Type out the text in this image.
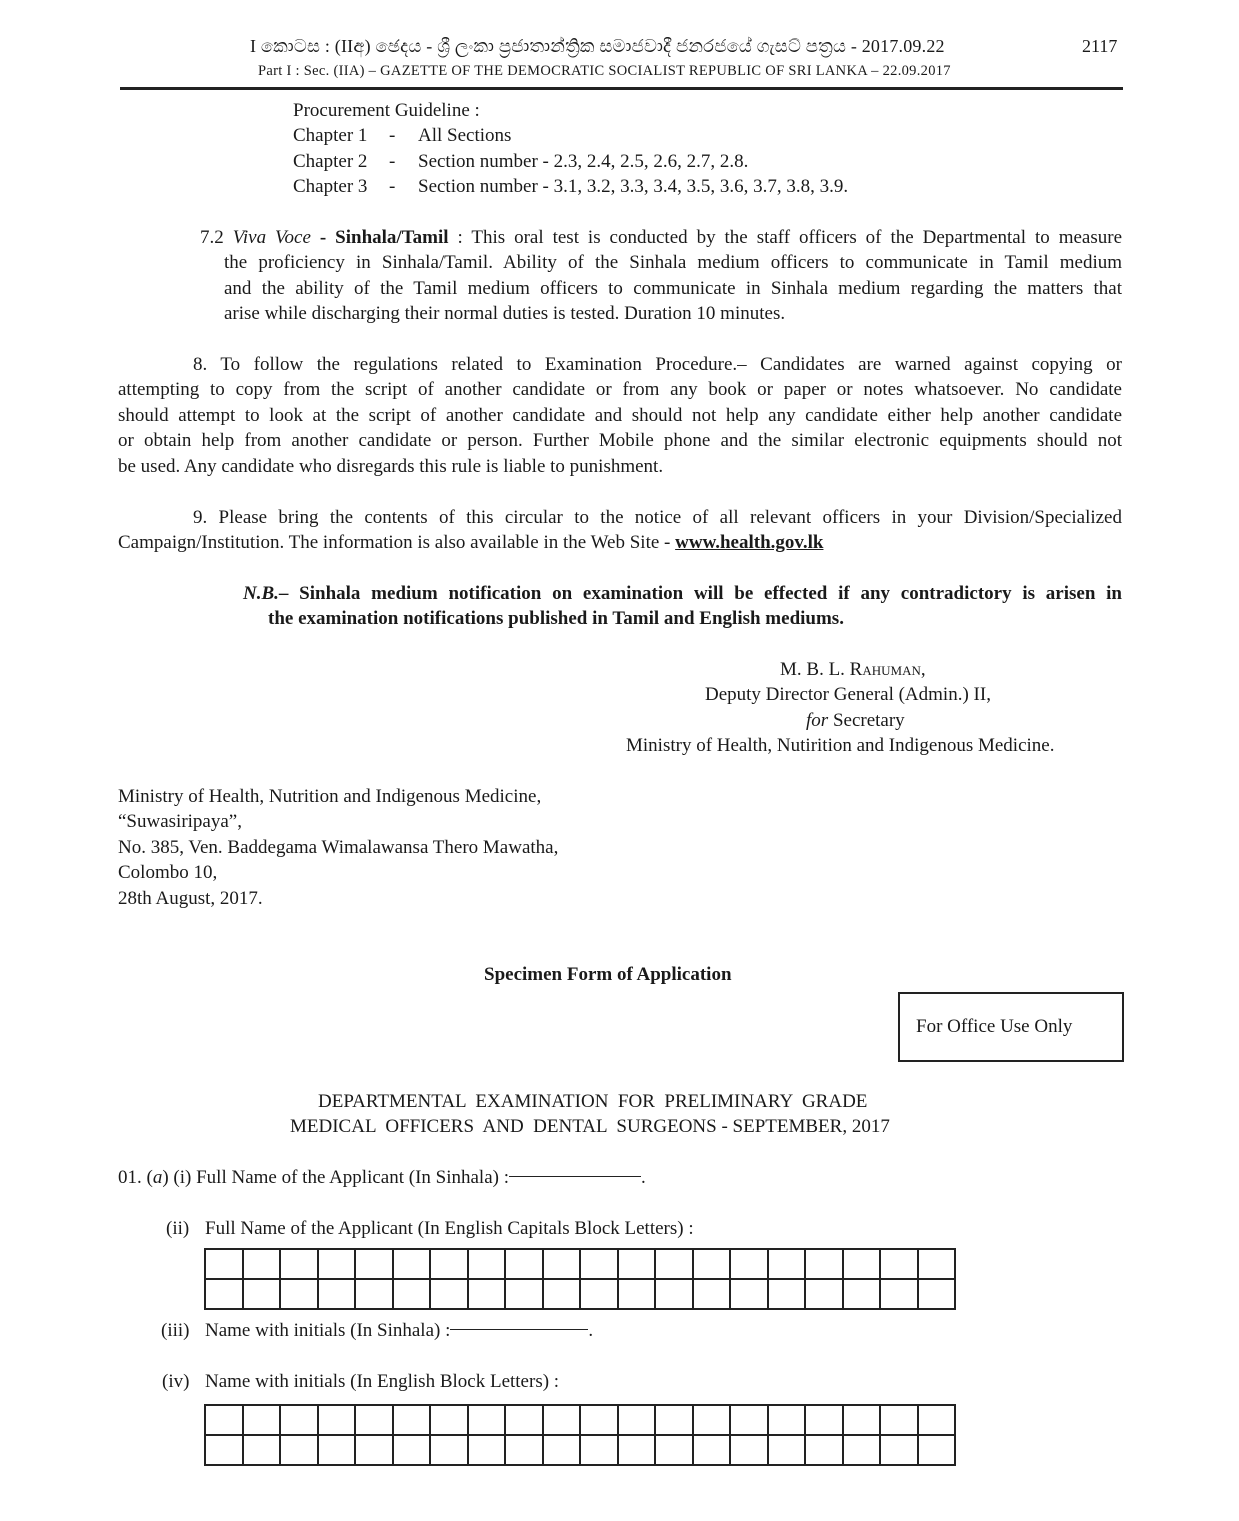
I කොටස : (IIඅ) ඡෙදය - ශ්‍රී ලංකා ප්‍රජාතාන්ත්‍රික සමාජවාදී ජනරජයේ ගැසට් පත්‍රය - 2017.09.22	2117
Part I : Sec. (IIA) – GAZETTE OF THE DEMOCRATIC SOCIALIST REPUBLIC OF SRI LANKA – 22.09.2017
Procurement Guideline :
Chapter 1 - All Sections
Chapter 2 - Section number - 2.3, 2.4, 2.5, 2.6, 2.7, 2.8.
Chapter 3 - Section number - 3.1, 3.2, 3.3, 3.4, 3.5, 3.6, 3.7, 3.8, 3.9.
7.2 Viva Voce - Sinhala/Tamil : This oral test is conducted by the staff officers of the Departmental to measure
the proficiency in Sinhala/Tamil. Ability of the Sinhala medium officers to communicate in Tamil medium
and the ability of the Tamil medium officers to communicate in Sinhala medium regarding the matters that
arise while discharging their normal duties is tested. Duration 10 minutes.
8. To follow the regulations related to Examination Procedure.– Candidates are warned against copying or
attempting to copy from the script of another candidate or from any book or paper or notes whatsoever. No candidate
should attempt to look at the script of another candidate and should not help any candidate either help another candidate
or obtain help from another candidate or person. Further Mobile phone and the similar electronic equipments should not
be used. Any candidate who disregards this rule is liable to punishment.
9. Please bring the contents of this circular to the notice of all relevant officers in your Division/Specialized
Campaign/Institution. The information is also available in the Web Site - www.health.gov.lk
N.B.– Sinhala medium notification on examination will be effected if any contradictory is arisen in
the examination notifications published in Tamil and English mediums.
M. B. L. Rahuman,
Deputy Director General (Admin.) II,
for Secretary
Ministry of Health, Nutirition and Indigenous Medicine.
Ministry of Health, Nutrition and Indigenous Medicine,
“Suwasiripaya”,
No. 385, Ven. Baddegama Wimalawansa Thero Mawatha,
Colombo 10,
28th August, 2017.
Specimen Form of Application
For Office Use Only
DEPARTMENTAL  EXAMINATION  FOR  PRELIMINARY  GRADE
MEDICAL  OFFICERS  AND  DENTAL  SURGEONS - SEPTEMBER, 2017
01. (a) (i) Full Name of the Applicant (In Sinhala) :	.
(ii) Full Name of the Applicant (In English Capitals Block Letters) :
(iii) Name with initials (In Sinhala) :	.
(iv) Name with initials (In English Block Letters) :
